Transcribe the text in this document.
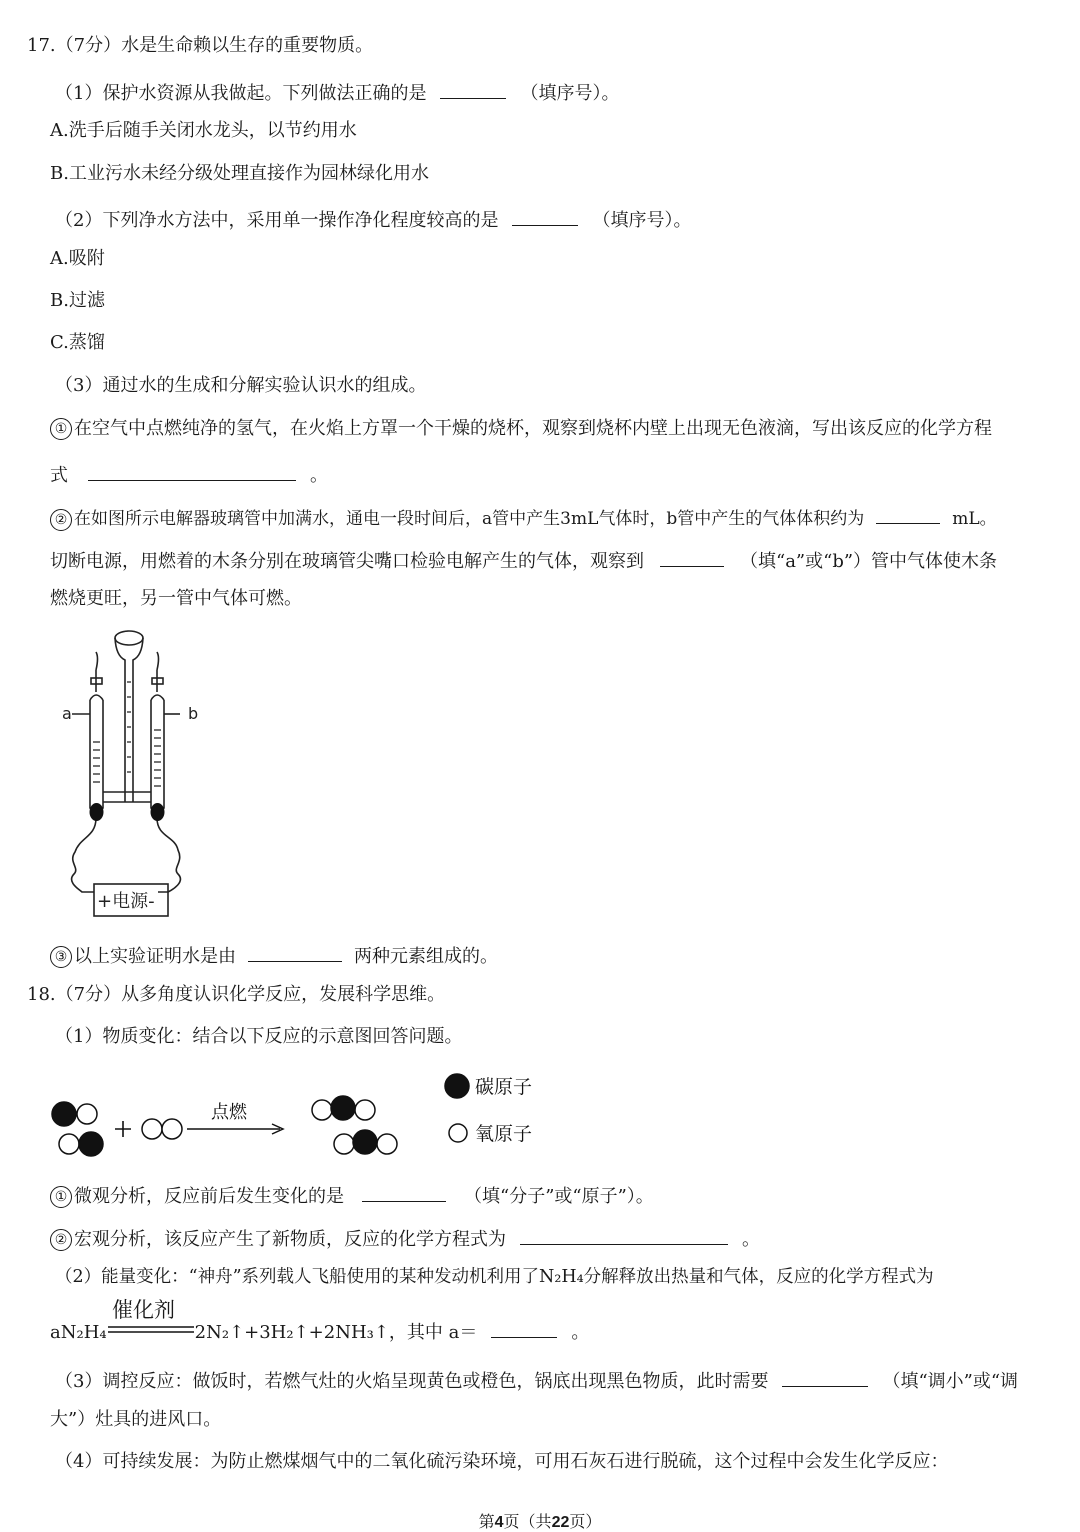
17.（7分）水是生命赖以生存的重要物质。
（1）保护水资源从我做起。下列做法正确的是	（填序号）。
A.洗手后随手关闭水龙头，以节约用水
B.工业污水未经分级处理直接作为园林绿化用水
（2）下列净水方法中，采用单一操作净化程度较高的是	（填序号）。
A.吸附
B.过滤
C.蒸馏
（3）通过水的生成和分解实验认识水的组成。
① 在空气中点燃纯净的氢气，在火焰上方罩一个干燥的烧杯，观察到烧杯内壁上出现无色液滴，写出该反应的化学方程
式	。
② 在如图所示电解器玻璃管中加满水，通电一段时间后，a管中产生3mL气体时，b管中产生的气体体积约为	mL。
切断电源，用燃着的木条分别在玻璃管尖嘴口检验电解产生的气体，观察到	（填“a”或“b”）管中气体使木条
燃烧更旺，另一管中气体可燃。
a	b
+电源-
③ 以上实验证明水是由	两种元素组成的。
18.（7分）从多角度认识化学反应，发展科学思维。
（1）物质变化：结合以下反应的示意图回答问题。
点燃
碳原子
氧原子
① 微观分析，反应前后发生变化的是	（填“分子”或“原子”）。
② 宏观分析，该反应产生了新物质，反应的化学方程式为	。
（2）能量变化：“神舟”系列载人飞船使用的某种发动机利用了N₂H₄分解释放出热量和气体，反应的化学方程式为
催化剂
aN₂H₄	2N₂↑+3H₂↑+2NH₃↑，其中 a＝	。
（3）调控反应：做饭时，若燃气灶的火焰呈现黄色或橙色，锅底出现黑色物质，此时需要	（填“调小”或“调
大”）灶具的进风口。
（4）可持续发展：为防止燃煤烟气中的二氧化硫污染环境，可用石灰石进行脱硫，这个过程中会发生化学反应：
第4页（共22页）
